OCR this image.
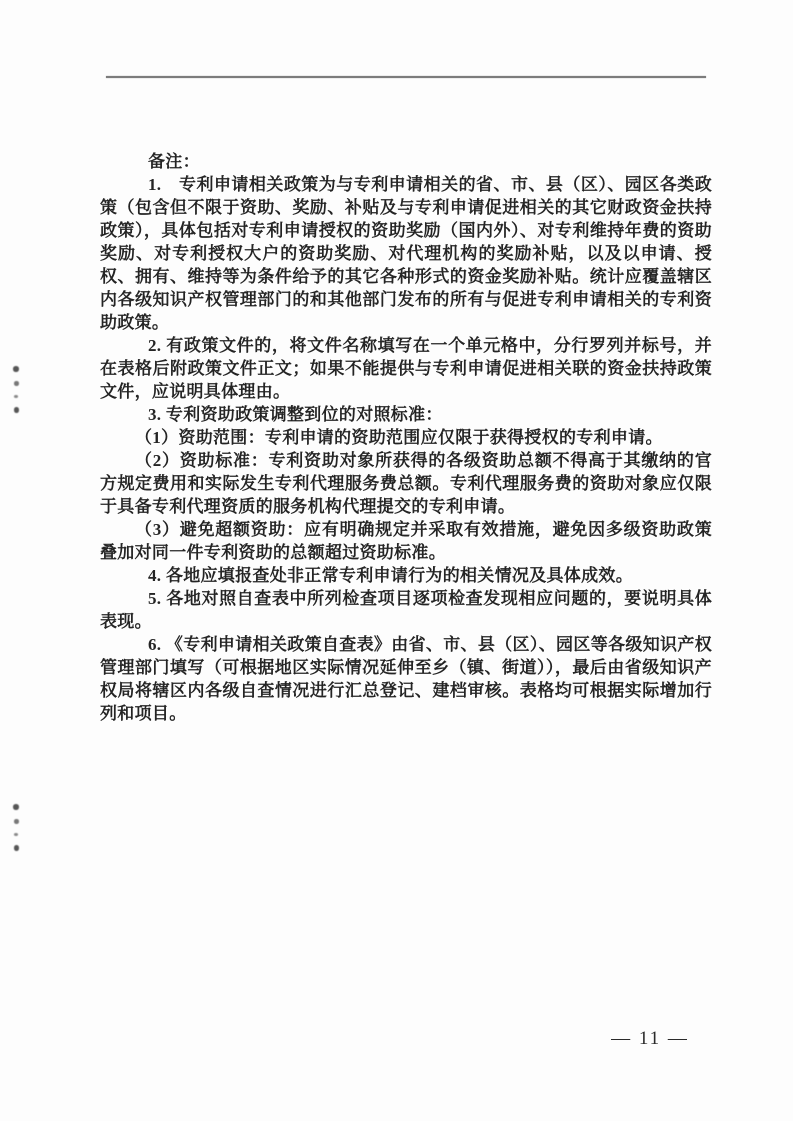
备注：

1.　专利申请相关政策为与专利申请相关的省、市、县（区）、园区各类政策（包含但不限于资助、奖励、补贴及与专利申请促进相关的其它财政资金扶持政策），具体包括对专利申请授权的资助奖励（国内外）、对专利维持年费的资助奖励、对专利授权大户的资助奖励、对代理机构的奖励补贴，以及以申请、授权、拥有、维持等为条件给予的其它各种形式的资金奖励补贴。统计应覆盖辖区内各级知识产权管理部门的和其他部门发布的所有与促进专利申请相关的专利资助政策。

2. 有政策文件的，将文件名称填写在一个单元格中，分行罗列并标号，并在表格后附政策文件正文；如果不能提供与专利申请促进相关联的资金扶持政策文件，应说明具体理由。

3. 专利资助政策调整到位的对照标准：

（1）资助范围：专利申请的资助范围应仅限于获得授权的专利申请。

（2）资助标准：专利资助对象所获得的各级资助总额不得高于其缴纳的官方规定费用和实际发生专利代理服务费总额。专利代理服务费的资助对象应仅限于具备专利代理资质的服务机构代理提交的专利申请。

（3）避免超额资助：应有明确规定并采取有效措施，避免因多级资助政策叠加对同一件专利资助的总额超过资助标准。

4. 各地应填报查处非正常专利申请行为的相关情况及具体成效。

5. 各地对照自查表中所列检查项目逐项检查发现相应问题的，要说明具体表现。

6. 《专利申请相关政策自查表》由省、市、县（区）、园区等各级知识产权管理部门填写（可根据地区实际情况延伸至乡（镇、街道）），最后由省级知识产权局将辖区内各级自查情况进行汇总登记、建档审核。表格均可根据实际增加行列和项目。

— 11 —
